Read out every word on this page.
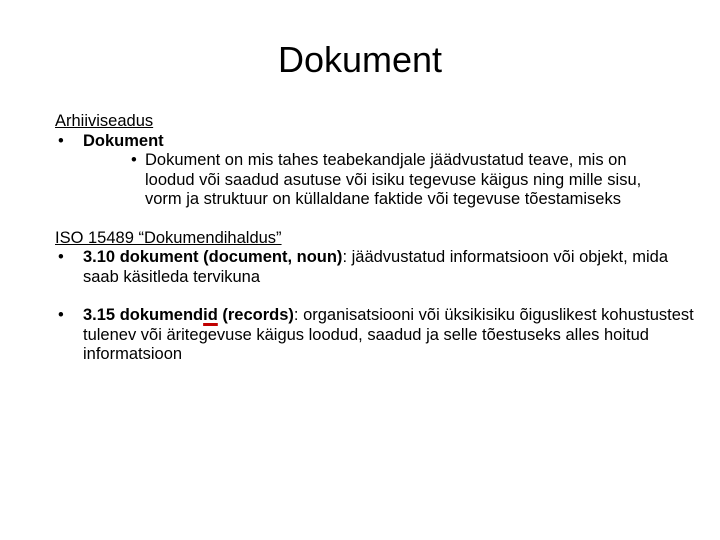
Dokument
Arhiiviseadus
• Dokument
• Dokument on mis tahes teabekandjale jäädvustatud teave, mis on loodud või saadud asutuse või isiku tegevuse käigus ning mille sisu, vorm ja struktuur on küllaldane faktide või tegevuse tõestamiseks
ISO 15489 “Dokumendihaldus”
• 3.10 dokument (document, noun): jäädvustatud informatsioon või objekt, mida saab käsitleda tervikuna
• 3.15 dokumendid (records): organisatsiooni või üksikisiku õiguslikest kohustustest tulenev või äritegevuse käigus loodud, saadud ja selle tõestuseks alles hoitud informatsioon
